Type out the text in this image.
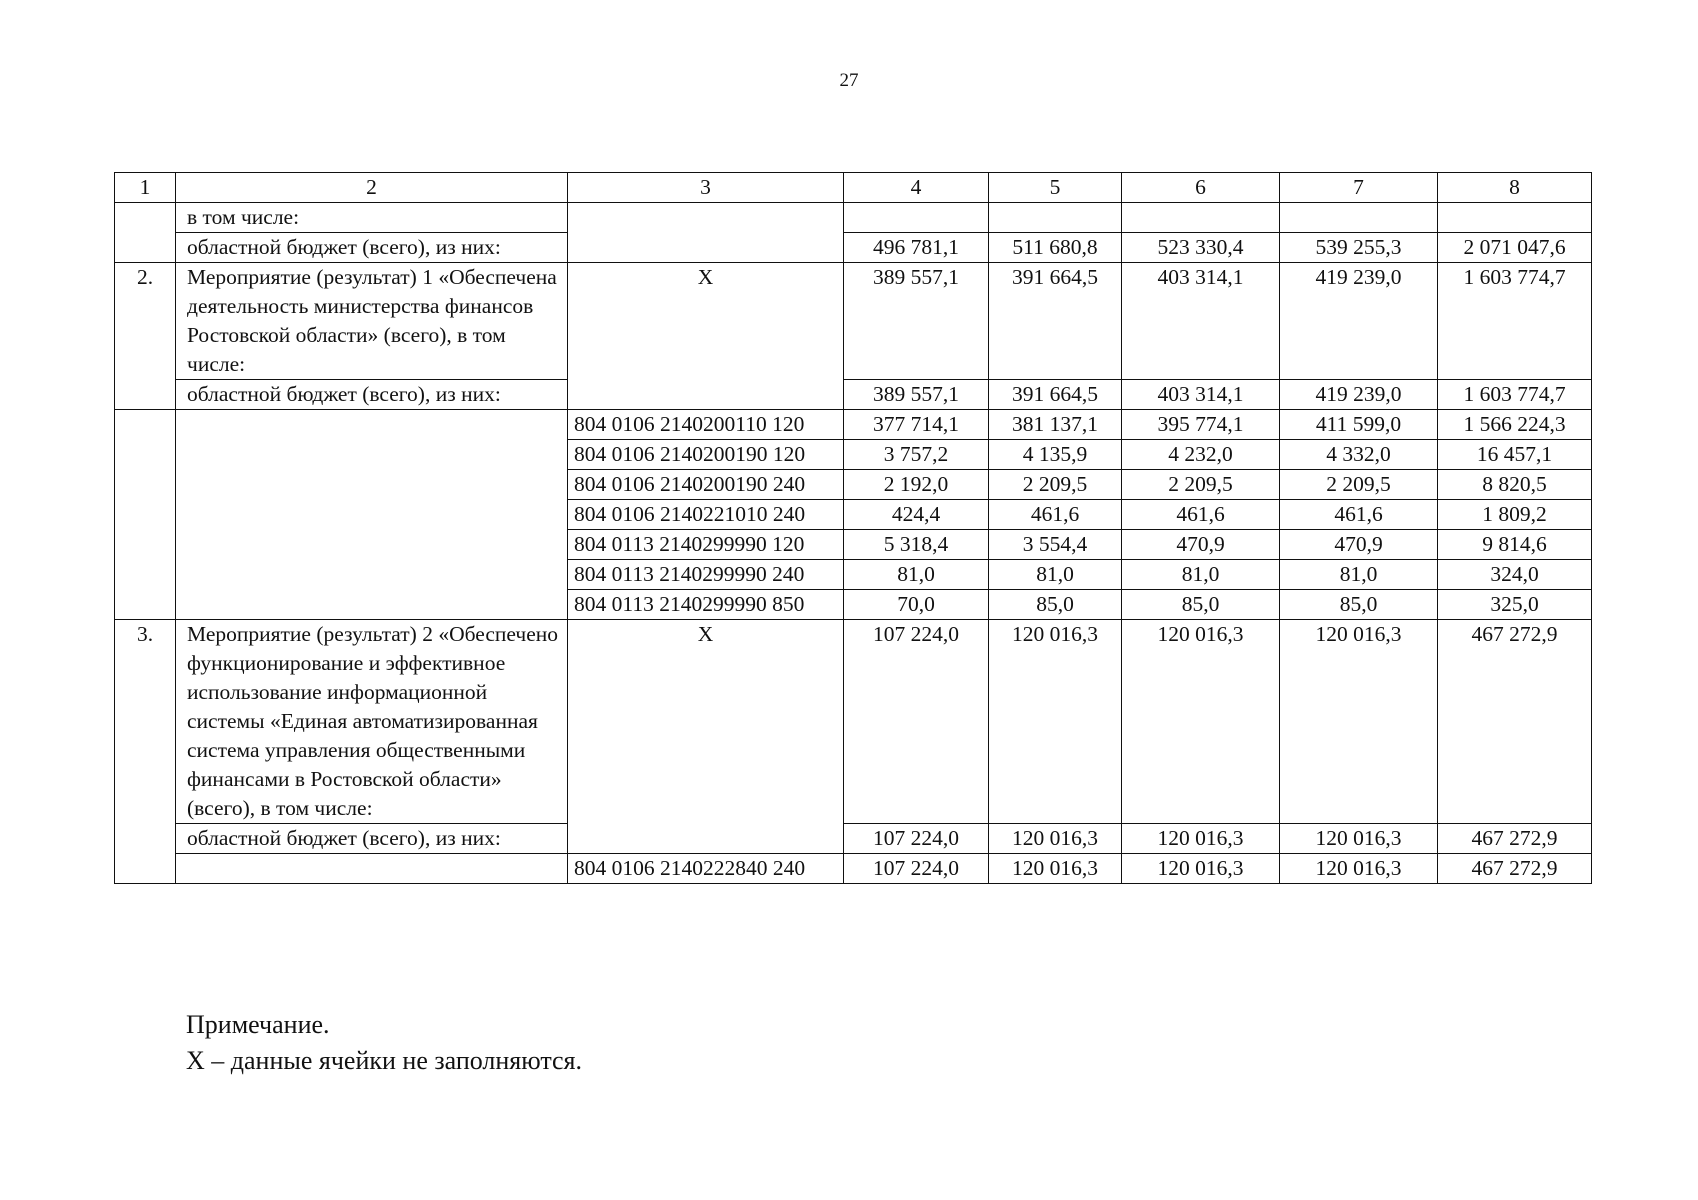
27
1	2	3	4	5	6	7	8
	в том числе:						
	областной бюджет (всего), из них:		496 781,1	511 680,8	523 330,4	539 255,3	2 071 047,6
2.	Мероприятие (результат) 1 «Обеспечена деятельность министерства финансов Ростовской области» (всего), в том числе:	Х	389 557,1	391 664,5	403 314,1	419 239,0	1 603 774,7
	областной бюджет (всего), из них:		389 557,1	391 664,5	403 314,1	419 239,0	1 603 774,7
		804 0106 2140200110 120	377 714,1	381 137,1	395 774,1	411 599,0	1 566 224,3
		804 0106 2140200190 120	3 757,2	4 135,9	4 232,0	4 332,0	16 457,1
		804 0106 2140200190 240	2 192,0	2 209,5	2 209,5	2 209,5	8 820,5
		804 0106 2140221010 240	424,4	461,6	461,6	461,6	1 809,2
		804 0113 2140299990 120	5 318,4	3 554,4	470,9	470,9	9 814,6
		804 0113 2140299990 240	81,0	81,0	81,0	81,0	324,0
		804 0113 2140299990 850	70,0	85,0	85,0	85,0	325,0
3.	Мероприятие (результат) 2 «Обеспечено функционирование и эффективное использование информационной системы «Единая автоматизированная система управления общественными финансами в Ростовской области» (всего), в том числе:	Х	107 224,0	120 016,3	120 016,3	120 016,3	467 272,9
	областной бюджет (всего), из них:		107 224,0	120 016,3	120 016,3	120 016,3	467 272,9
		804 0106 2140222840 240	107 224,0	120 016,3	120 016,3	120 016,3	467 272,9
Примечание.
Х – данные ячейки не заполняются.
